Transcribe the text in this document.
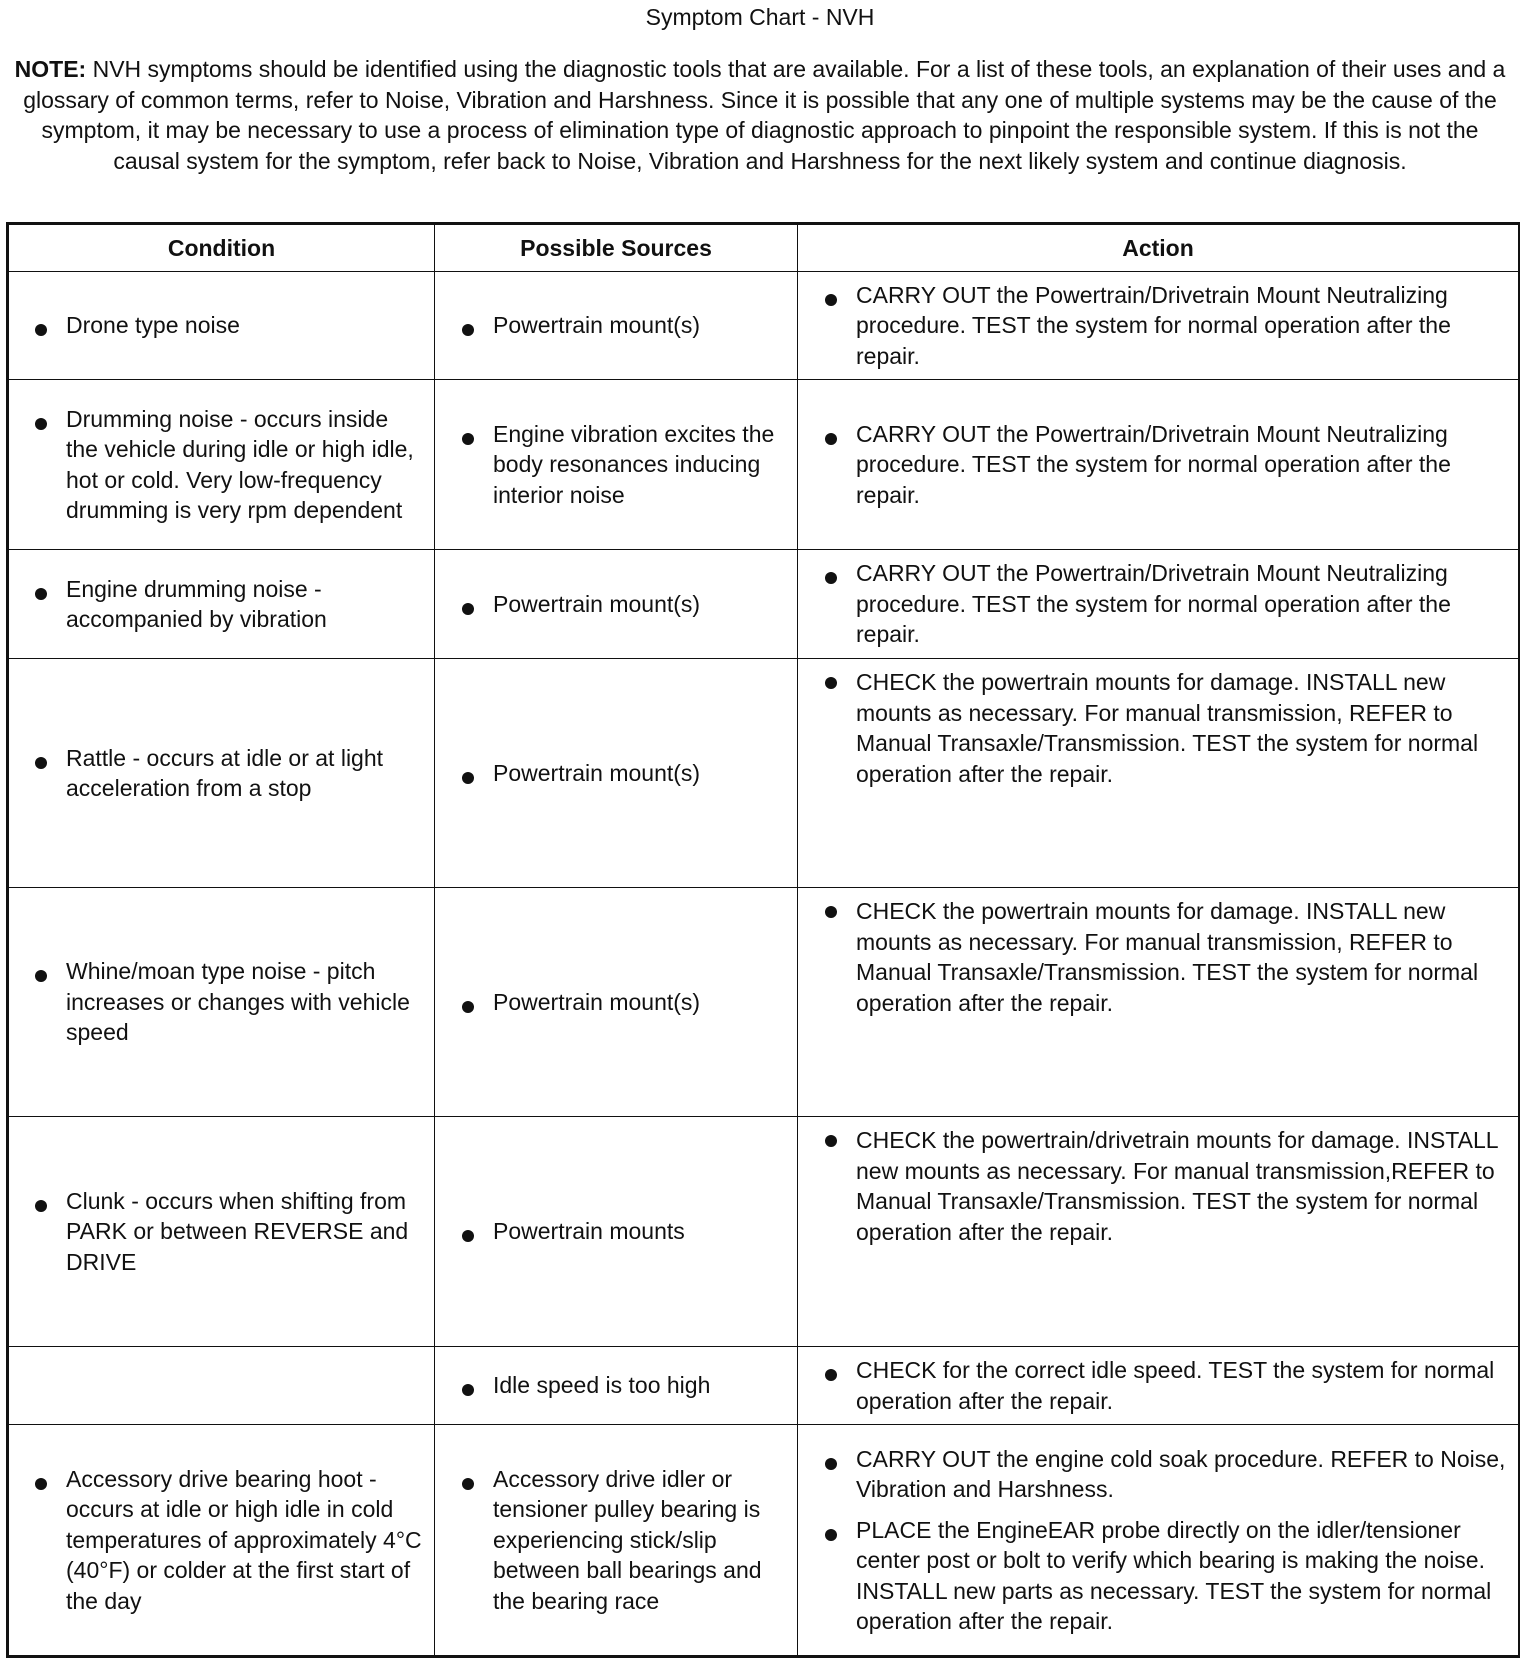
Symptom Chart - NVH
NOTE: NVH symptoms should be identified using the diagnostic tools that are available. For a list of these tools, an explanation of their uses and a glossary of common terms, refer to Noise, Vibration and Harshness. Since it is possible that any one of multiple systems may be the cause of the symptom, it may be necessary to use a process of elimination type of diagnostic approach to pinpoint the responsible system. If this is not the causal system for the symptom, refer back to Noise, Vibration and Harshness for the next likely system and continue diagnosis.
Condition	Possible Sources	Action

Drone type noise	Powertrain mount(s)	CARRY OUT the Powertrain/Drivetrain Mount Neutralizing procedure. TEST the system for normal operation after the repair.

Drumming noise - occurs inside the vehicle during idle or high idle, hot or cold. Very low-frequency drumming is very rpm dependent	Engine vibration excites the body resonances inducing interior noise	CARRY OUT the Powertrain/Drivetrain Mount Neutralizing procedure. TEST the system for normal operation after the repair.

Engine drumming noise - accompanied by vibration	Powertrain mount(s)	CARRY OUT the Powertrain/Drivetrain Mount Neutralizing procedure. TEST the system for normal operation after the repair.

Rattle - occurs at idle or at light acceleration from a stop	Powertrain mount(s)	CHECK the powertrain mounts for damage. INSTALL new mounts as necessary. For manual transmission, REFER to Manual Transaxle/Transmission. TEST the system for normal operation after the repair.

Whine/moan type noise - pitch increases or changes with vehicle speed	Powertrain mount(s)	CHECK the powertrain mounts for damage. INSTALL new mounts as necessary. For manual transmission, REFER to Manual Transaxle/Transmission. TEST the system for normal operation after the repair.

Clunk - occurs when shifting from PARK or between REVERSE and DRIVE	Powertrain mounts	CHECK the powertrain/drivetrain mounts for damage. INSTALL new mounts as necessary. For manual transmission,REFER to Manual Transaxle/Transmission. TEST the system for normal operation after the repair.

	Idle speed is too high	CHECK for the correct idle speed. TEST the system for normal operation after the repair.

Accessory drive bearing hoot - occurs at idle or high idle in cold temperatures of approximately 4°C (40°F) or colder at the first start of the day	Accessory drive idler or tensioner pulley bearing is experiencing stick/slip between ball bearings and the bearing race	CARRY OUT the engine cold soak procedure. REFER to Noise, Vibration and Harshness.
PLACE the EngineEAR probe directly on the idler/tensioner center post or bolt to verify which bearing is making the noise. INSTALL new parts as necessary. TEST the system for normal operation after the repair.
